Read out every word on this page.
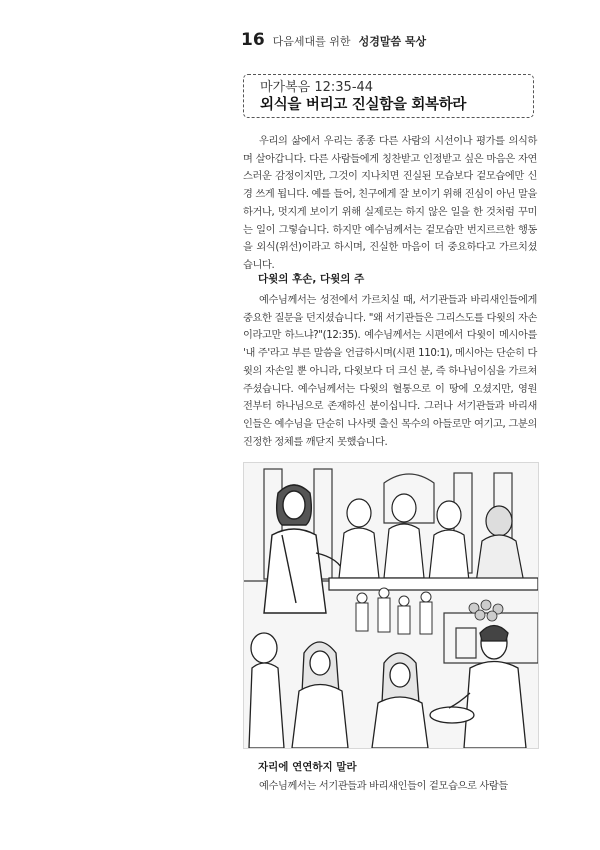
16 다음세대를 위한 성경말씀 묵상
마가복음 12:35-44
외식을 버리고 진실함을 회복하라

우리의 삶에서 우리는 종종 다른 사람의 시선이나 평가를 의식하며 살아갑니다. 다른 사람들에게 칭찬받고 인정받고 싶은 마음은 자연스러운 감정이지만, 그것이 지나치면 진실된 모습보다 겉모습에만 신경 쓰게 됩니다. 예를 들어, 친구에게 잘 보이기 위해 진심이 아닌 말을 하거나, 멋지게 보이기 위해 실제로는 하지 않은 일을 한 것처럼 꾸미는 일이 그렇습니다. 하지만 예수님께서는 겉모습만 번지르르한 행동을 외식(위선)이라고 하시며, 진실한 마음이 더 중요하다고 가르치셨습니다.

다윗의 후손, 다윗의 주

예수님께서는 성전에서 가르치실 때, 서기관들과 바리새인들에게 중요한 질문을 던지셨습니다. "왜 서기관들은 그리스도를 다윗의 자손이라고만 하느냐?"(12:35). 예수님께서는 시편에서 다윗이 메시아를 '내 주'라고 부른 말씀을 언급하시며(시편 110:1), 메시아는 단순히 다윗의 자손일 뿐 아니라, 다윗보다 더 크신 분, 즉 하나님이심을 가르쳐 주셨습니다. 예수님께서는 다윗의 혈통으로 이 땅에 오셨지만, 영원 전부터 하나님으로 존재하신 분이십니다. 그러나 서기관들과 바리새인들은 예수님을 단순히 나사렛 출신 목수의 아들로만 여기고, 그분의 진정한 정체를 깨닫지 못했습니다.

자리에 연연하지 말라

예수님께서는 서기관들과 바리새인들이 겉모습으로 사람들
